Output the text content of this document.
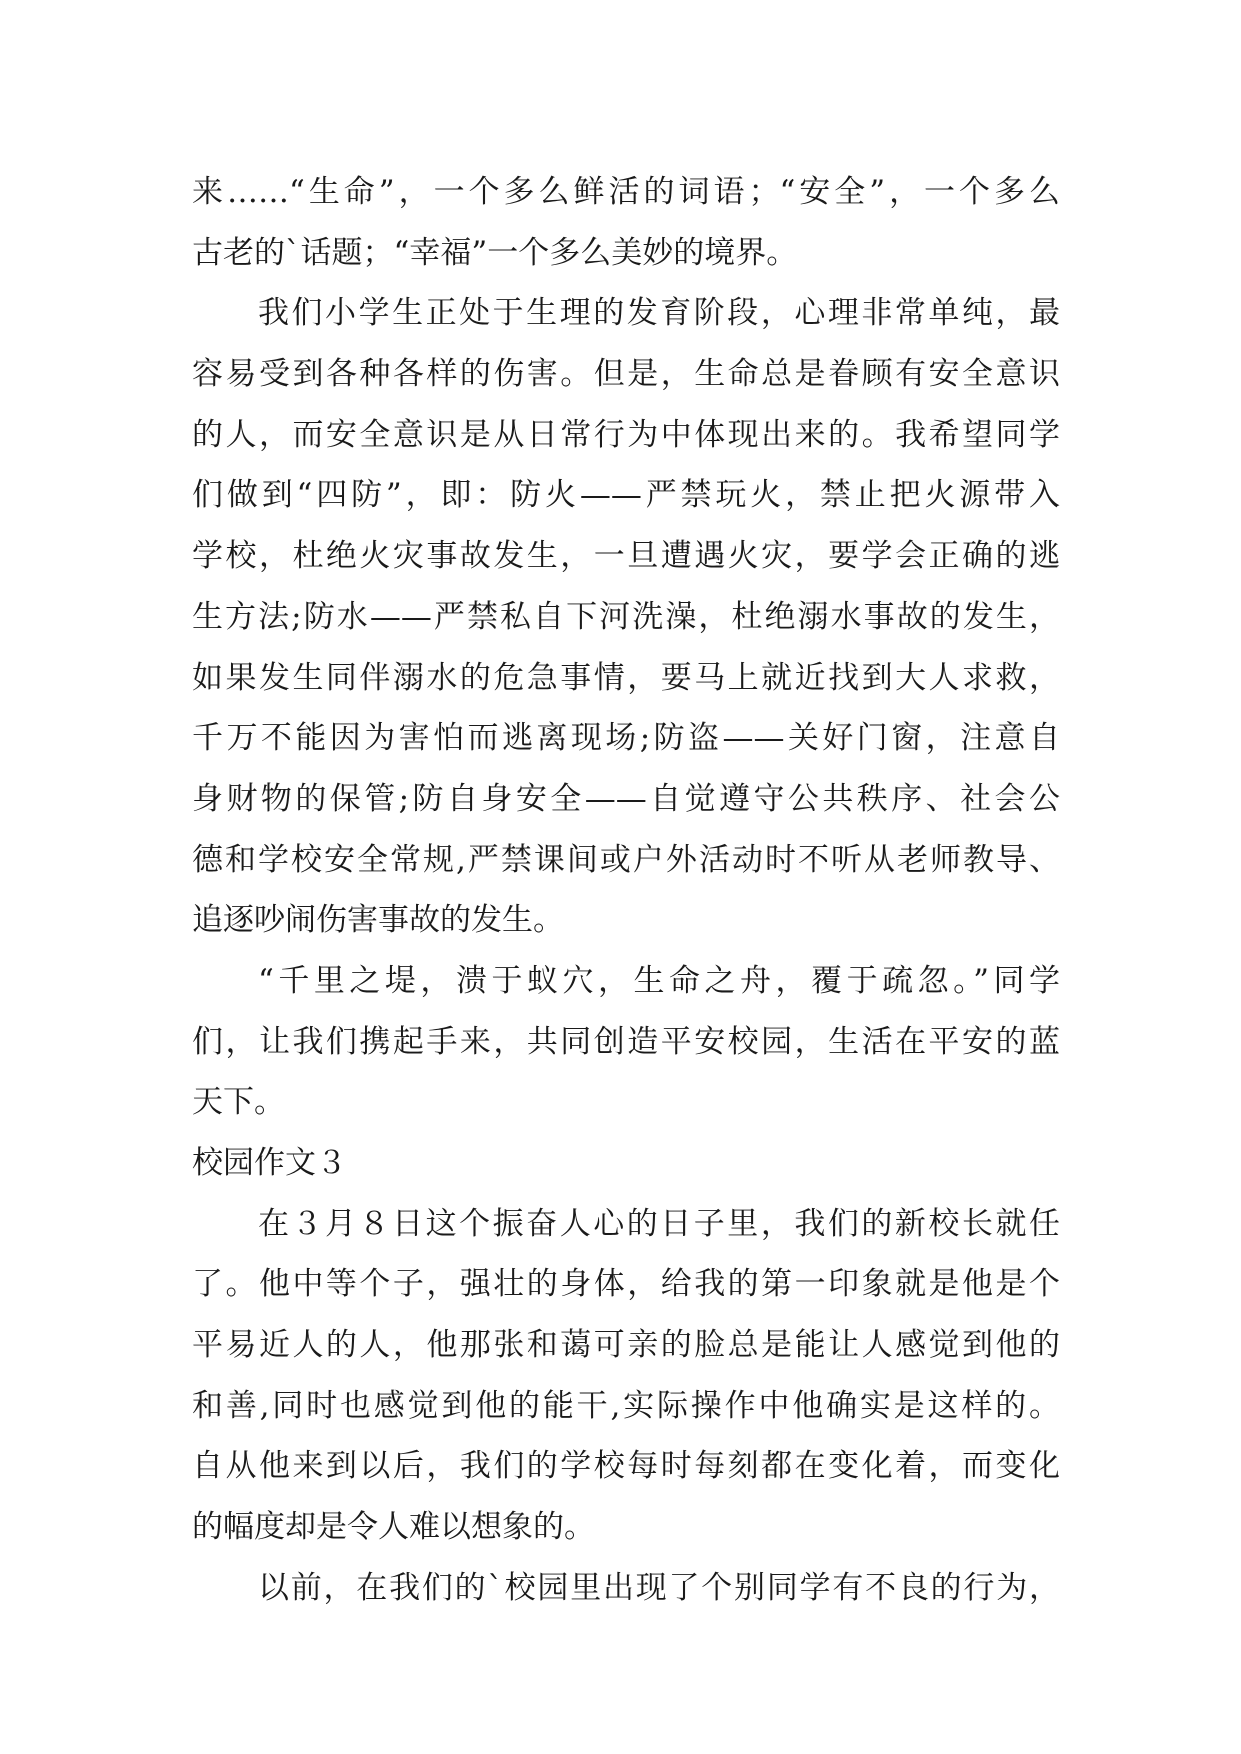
来……“生命”，一个多么鲜活的词语；“安全”，一个多么
古老的`话题；“幸福”一个多么美妙的境界。
我们小学生正处于生理的发育阶段，心理非常单纯，最
容易受到各种各样的伤害。但是，生命总是眷顾有安全意识
的人，而安全意识是从日常行为中体现出来的。我希望同学
们做到“四防”，即：防火——严禁玩火，禁止把火源带入
学校，杜绝火灾事故发生，一旦遭遇火灾，要学会正确的逃
生方法;防水——严禁私自下河洗澡，杜绝溺水事故的发生，
如果发生同伴溺水的危急事情，要马上就近找到大人求救，
千万不能因为害怕而逃离现场;防盗——关好门窗，注意自
身财物的保管;防自身安全——自觉遵守公共秩序、社会公
德和学校安全常规,严禁课间或户外活动时不听从老师教导、
追逐吵闹伤害事故的发生。
“千里之堤，溃于蚁穴，生命之舟，覆于疏忽。”同学
们，让我们携起手来，共同创造平安校园，生活在平安的蓝
天下。
校园作文３
在３月８日这个振奋人心的日子里，我们的新校长就任
了。他中等个子，强壮的身体，给我的第一印象就是他是个
平易近人的人，他那张和蔼可亲的脸总是能让人感觉到他的
和善,同时也感觉到他的能干,实际操作中他确实是这样的。
自从他来到以后，我们的学校每时每刻都在变化着，而变化
的幅度却是令人难以想象的。
以前，在我们的`校园里出现了个别同学有不良的行为，
